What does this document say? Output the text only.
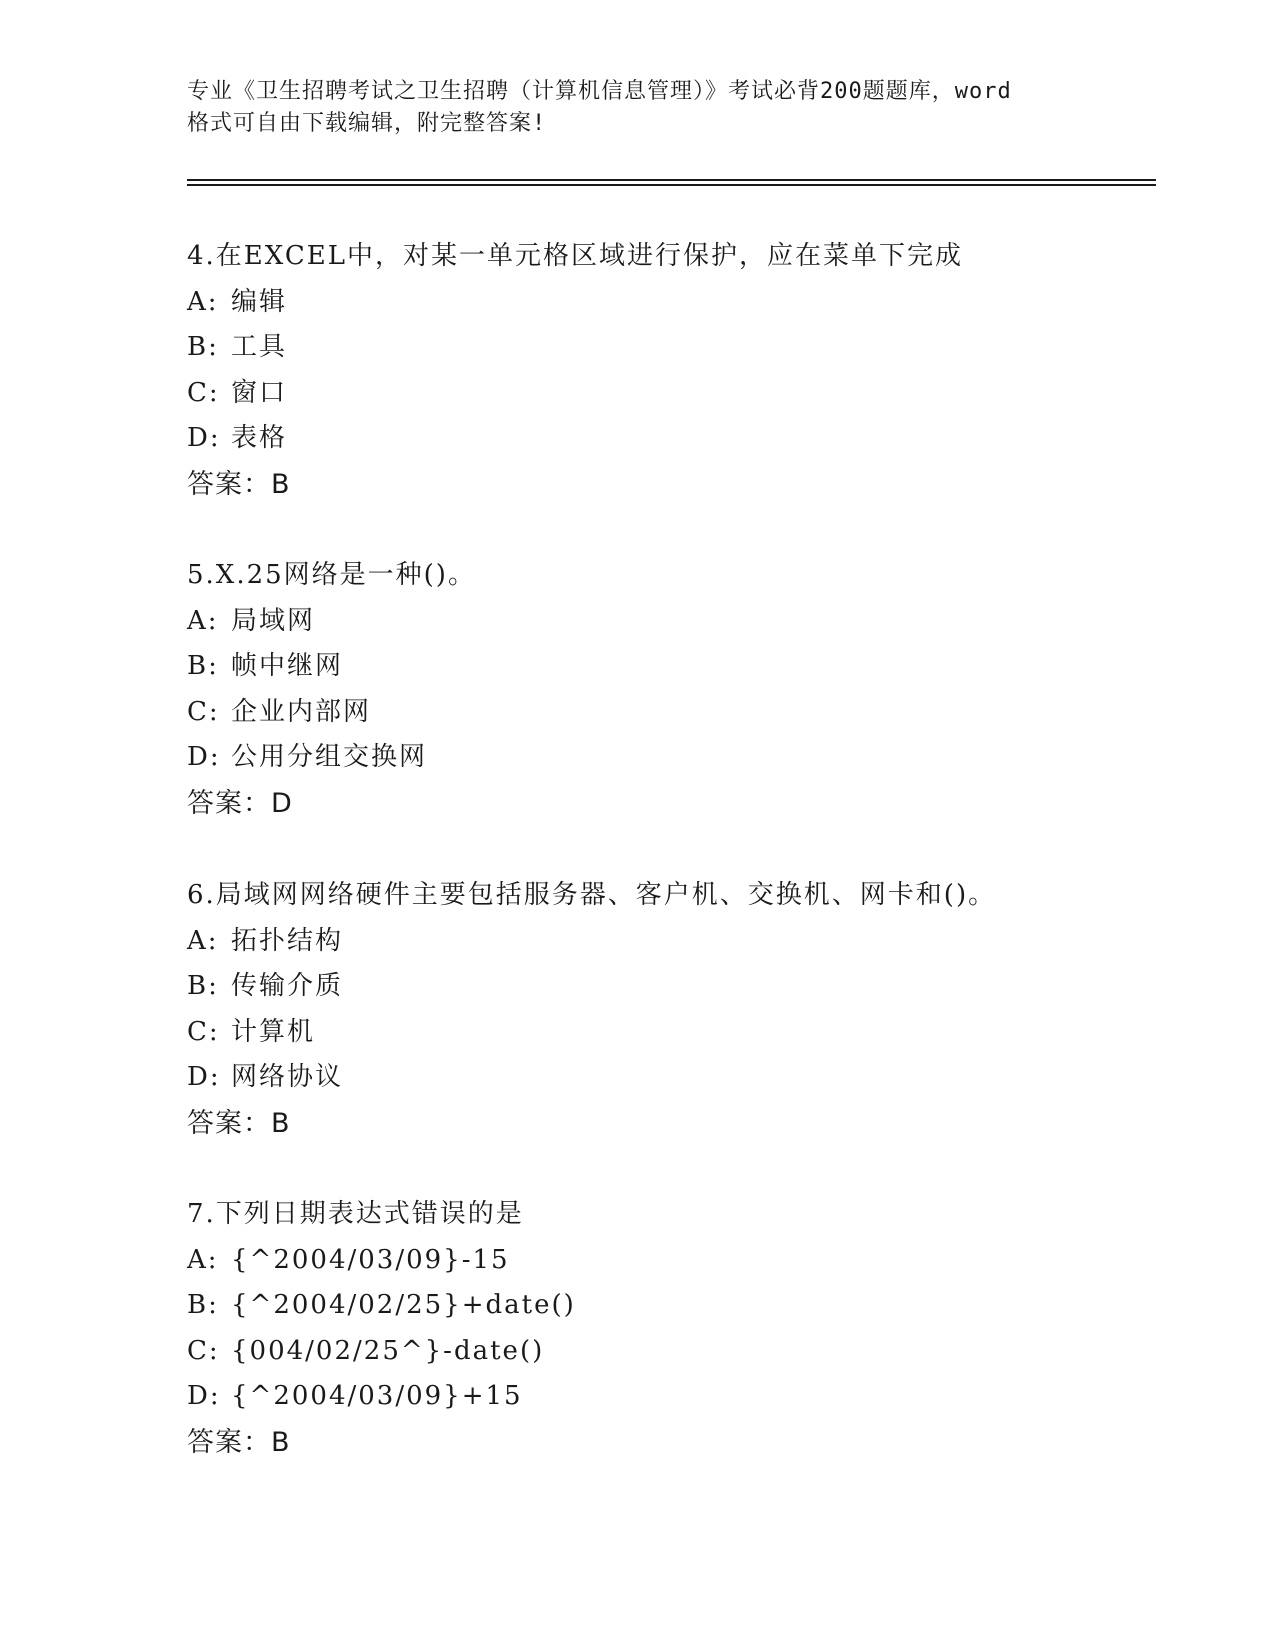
专业《卫生招聘考试之卫生招聘（计算机信息管理）》考试必背200题题库，word
格式可自由下载编辑，附完整答案!
4.在EXCEL中，对某一单元格区域进行保护，应在菜单下完成
A: 编辑
B: 工具
C: 窗口
D: 表格
答案：B
5.X.25网络是一种()。
A: 局域网
B: 帧中继网
C: 企业内部网
D: 公用分组交换网
答案：D
6.局域网网络硬件主要包括服务器、客户机、交换机、网卡和()。
A: 拓扑结构
B: 传输介质
C: 计算机
D: 网络协议
答案：B
7.下列日期表达式错误的是
A: {^2004/03/09}-15
B: {^2004/02/25}+date()
C: {004/02/25^}-date()
D: {^2004/03/09}+15
答案：B
